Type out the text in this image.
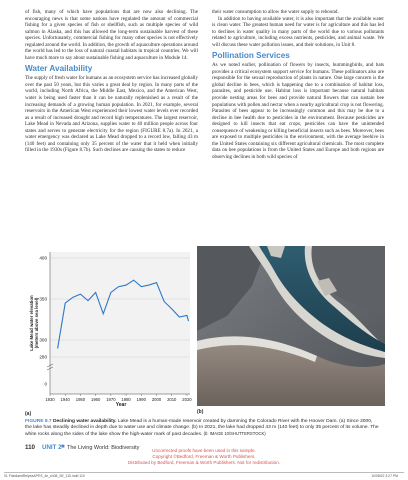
of fish, many of which have populations that are now also declining. The encouraging news is that some nations have regulated the amount of commercial fishing for a given species of fish or shellfish, such as multiple species of wild salmon in Alaska, and this has allowed the long-term sustainable harvest of these species. Unfortunately, commercial fishing for many other species is not effectively regulated around the world. In addition, the growth of aquaculture operations around the world has led to the loss of natural coastal habitats in tropical countries. We will have much more to say about sustainable fishing and aquaculture in Module 14.

Water Availability

The supply of fresh water for humans as an ecosystem service has increased globally over the past 50 years, but this varies a great deal by region. In many parts of the world, including North Africa, the Middle East, Mexico, and the American West, water is being used faster than it can be naturally replenished as a result of the increasing demands of a growing human population. In 2021, for example, several reservoirs in the American West experienced their lowest water levels ever recorded as a result of increased drought and record high temperatures. The largest reservoir, Lake Mead in Nevada and Arizona, supplies water to 40 million people across four states and serves to generate electricity for the region (FIGURE 8.7a). In 2021, a water emergency was declared as Lake Mead dropped to a record low, falling 43 m (140 feet) and containing only 35 percent of the water that it held when initially filled in the 1930s (Figure 8.7b). Such declines are causing the states to reduce

their water consumption to allow the water supply to rebound.

In addition to having available water, it is also important that the available water is clean water. The greatest human need for water is for agriculture and this has led to declines in water quality in many parts of the world due to various pollutants related to agriculture, including excess nutrients, pesticides, and animal waste. We will discuss these water pollution issues, and their solutions, in Unit 8.

Pollination Services

As we noted earlier, pollination of flowers by insects, hummingbirds, and bats provides a critical ecosystem support service for humans. These pollinators also are responsible for the sexual reproduction of plants in nature. One large concern is the global decline in bees, which is happening due to a combination of habitat loss, parasites, and pesticide use. Habitat loss is important because natural habitats provide nesting areas for bees and provide natural flowers that can sustain bee populations with pollen and nectar when a nearby agricultural crop is not flowering. Parasites of bees appear to be increasingly common and this may be due to a decline in bee health due to pesticides in the environment. Because pesticides are designed to kill insects that eat crops, pesticides can have the unintended consequence of weakening or killing beneficial insects such as bees. Moreover, bees are exposed to multiple pesticides in the environment, with the average beehive in the United States containing six different agricultural chemicals. The most complete data on bee populations is from the United States and Europe and both regions are observing declines in both wild species of

0
280
300
350
400
1930 1940 1950 1960 1970 1980 1990 2000 2010 2020
Lake Mead water elevation(meters above sea level)
Year
(a)	(b)
FIGURE 8.7 Declining water availability. Lake Mead is a human-made reservoir created by damming the Colorado River with the Hoover Dam. (a) Since 2000, the lake has steadily declined in depth due to water use and climate change. (b) In 2021, the lake had dropped 43 m (140 feet) to only 35 percent of its volume. The white rocks along the sides of the lake show the high-water mark of past decades. (b: IMAGE 10/SHUTTERSTOCK)
110 UNIT 2 ■ The Living World: Biodiversity	Uncorrected proofs have been used in this sample.
Copyright ©Bedford, Freeman & Worth Publishers.
Distributed by Bedford, Freeman & Worth Publishers. Not for redistribution.
01 FriedlandRelyeaAPES_4e_ch08_SE_110.indd 110	10/08/22 3:27 PM
